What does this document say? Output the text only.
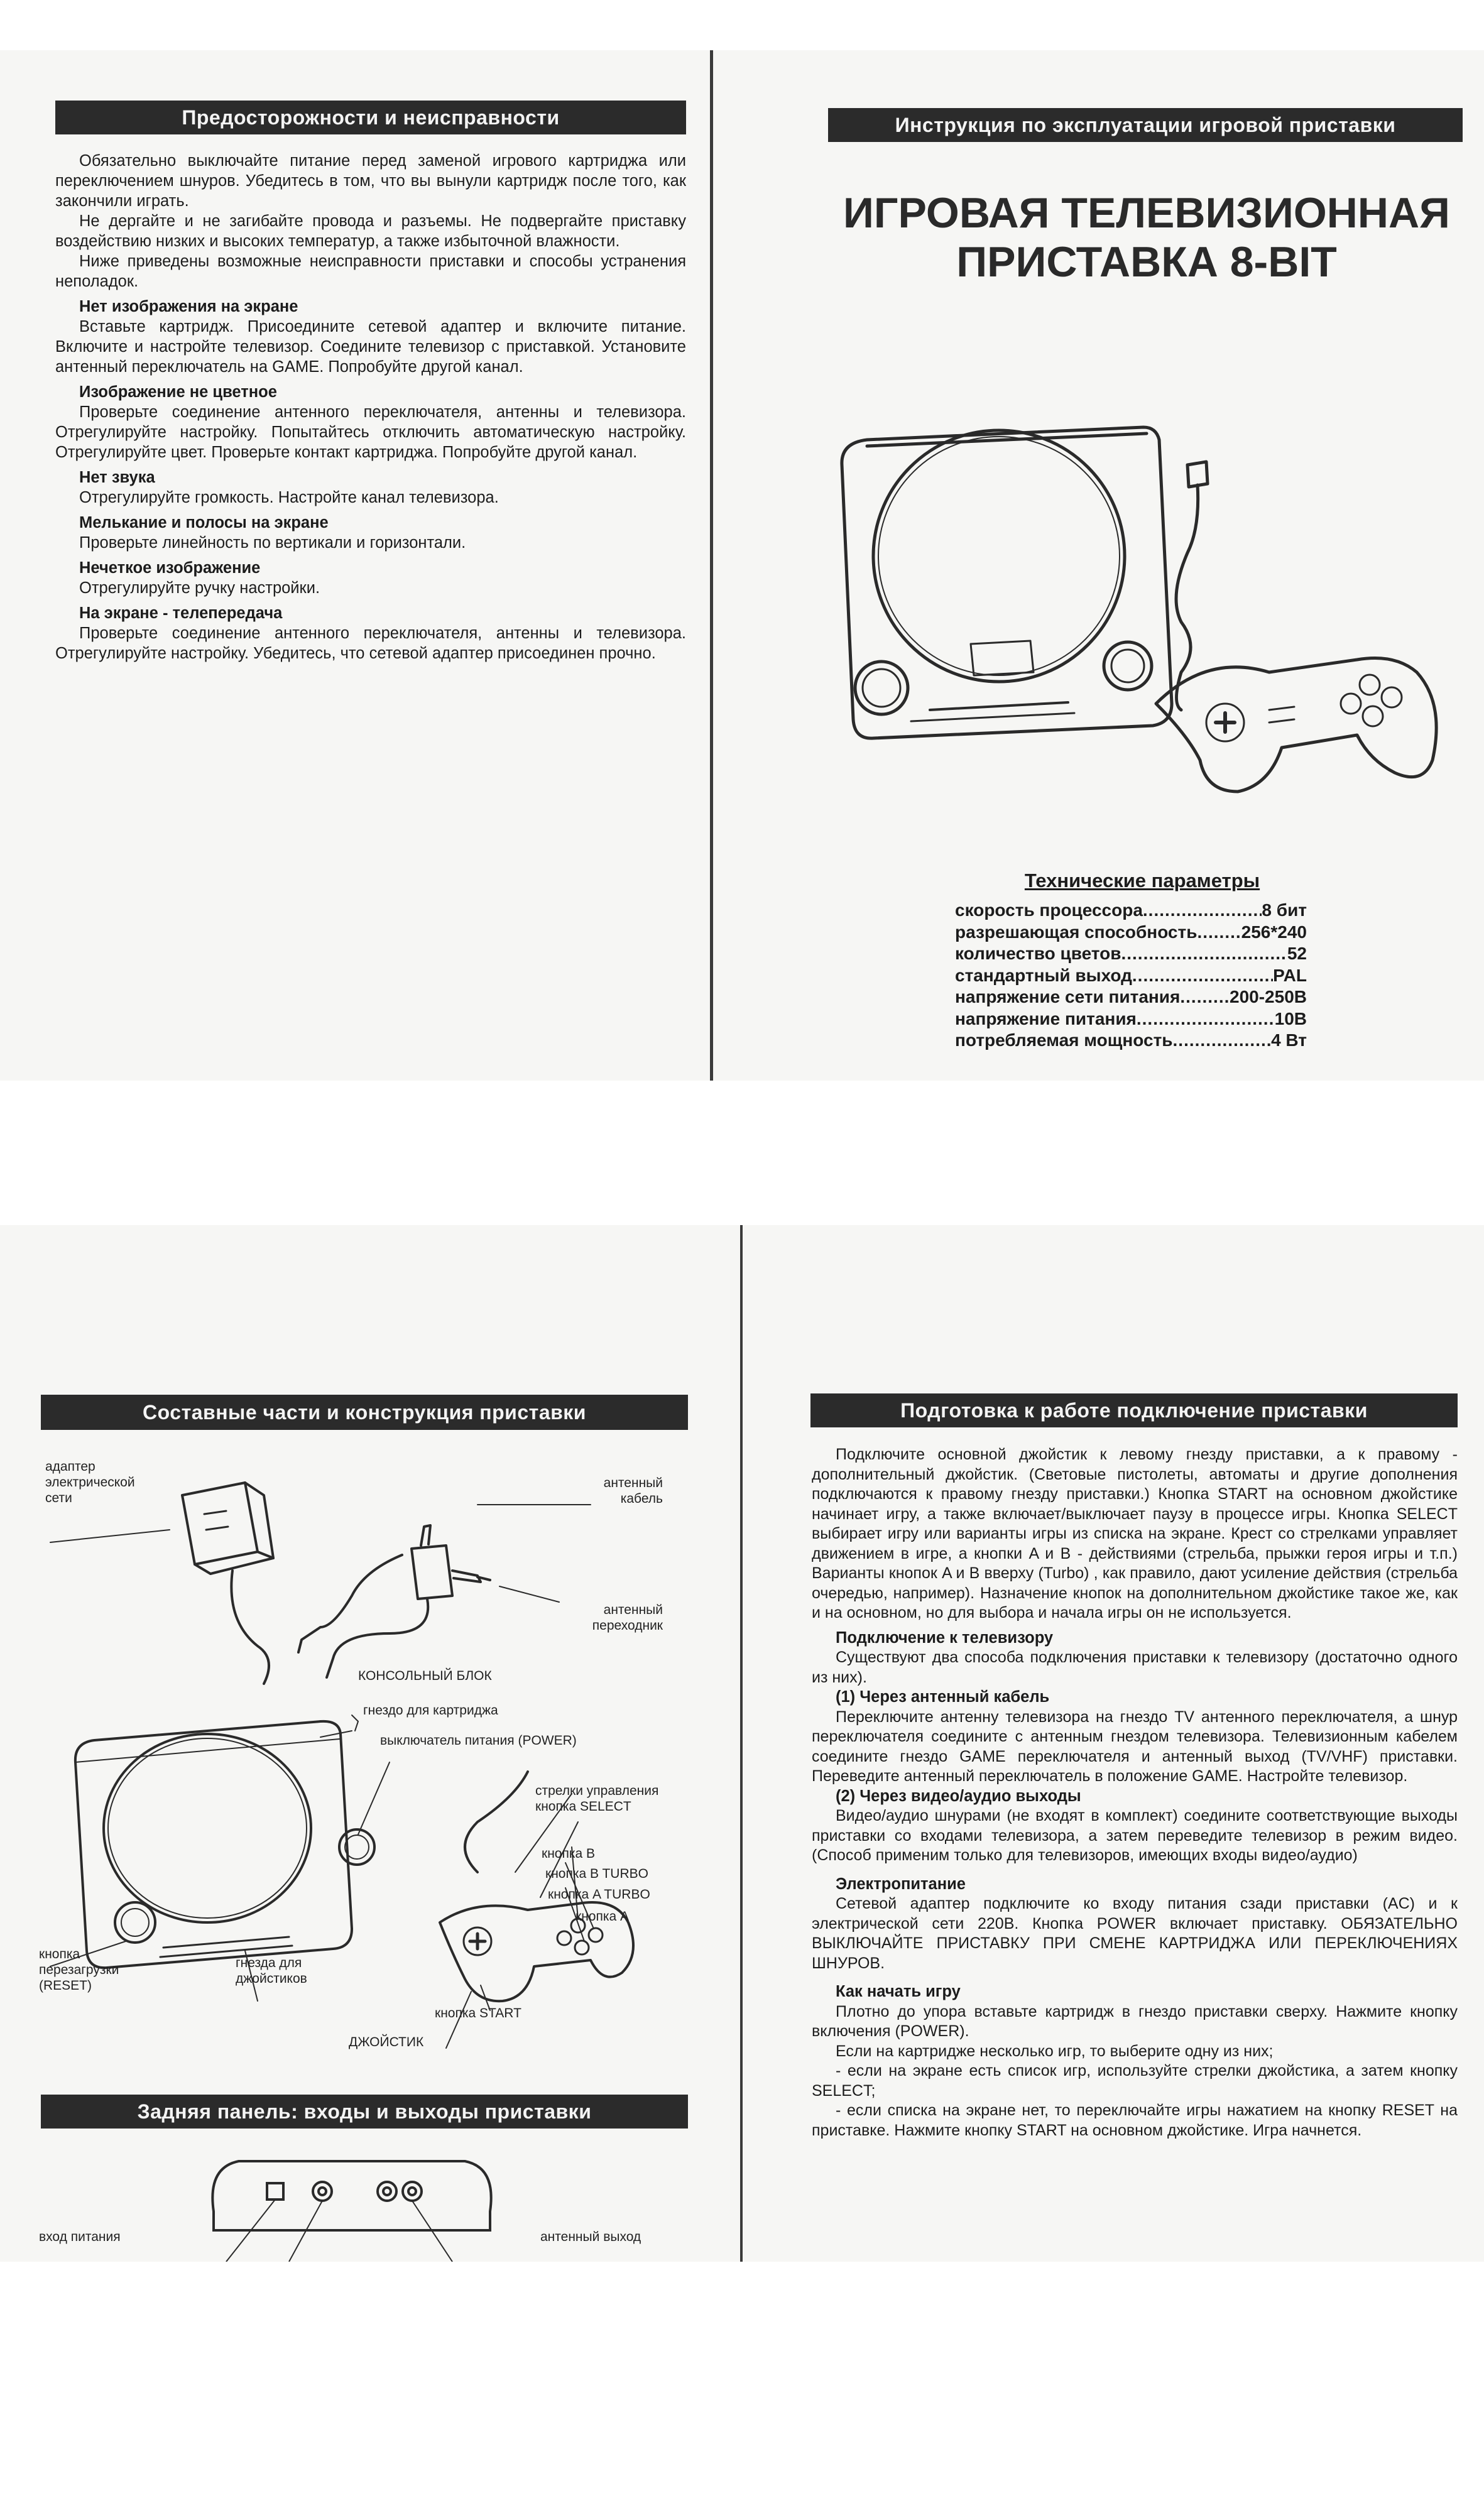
Предосторожности и неисправности

Обязательно выключайте питание перед заменой игрового картриджа или переключением шнуров. Убедитесь в том, что вы вынули картридж после того, как закончили играть.

Не дергайте и не загибайте провода и разъемы. Не подвергайте приставку воздействию низких и высоких температур, а также избыточной влажности.

Ниже приведены возможные неисправности приставки и способы устранения неполадок.

Нет изображения на экране

Вставьте картридж. Присоедините сетевой адаптер и включите питание. Включите и настройте телевизор. Соедините телевизор с приставкой. Установите антенный переключатель на GAME. Попробуйте другой канал.

Изображение не цветное

Проверьте соединение антенного переключателя, антенны и телевизора. Отрегулируйте настройку. Попытайтесь отключить автоматическую настройку. Отрегулируйте цвет. Проверьте контакт картриджа. Попробуйте другой канал.

Нет звука

Отрегулируйте громкость. Настройте канал телевизора.

Мелькание и полосы на экране

Проверьте линейность по вертикали и горизонтали.

Нечеткое изображение

Отрегулируйте ручку настройки.

На экране - телепередача

Проверьте соединение антенного переключателя, антенны и телевизора. Отрегулируйте настройку. Убедитесь, что сетевой адаптер присоединен прочно.

Инструкция по эксплуатации игровой приставки
ИГРОВАЯ ТЕЛЕВИЗИОННАЯ
ПРИСТАВКА 8-BIT
Технические параметры
скорость процессора .....	8 бит
разрешающая способность .....	256*240
количество цветов .....	52
стандартный выход .....	PAL
напряжение сети питания .....	200-250В
напряжение питания .....	10В
потребляемая мощность .....	4 Вт
Составные части и конструкция приставки
адаптер электрической сети
антенный кабель
антенный переходник
КОНСОЛЬНЫЙ БЛОК
гнездо для картриджа
выключатель питания (POWER)
стрелки управления кнопка SELECT
кнопка B
кнопка B TURBO
кнопка A TURBO
кнопка A
кнопка перезагрузки (RESET)
гнезда для джойстиков
кнопка START
ДЖОЙСТИК
Задняя панель: входы и выходы приставки
вход питания	антенный выход
Подготовка к работе подключение приставки

Подключите основной джойстик к левому гнезду приставки, а к правому - дополнительный джойстик. (Световые пистолеты, автоматы и другие дополнения подключаются к правому гнезду приставки.) Кнопка START на основном джойстике начинает игру, а также включает/выключает паузу в процессе игры. Кнопка SELECT выбирает игру или варианты игры из списка на экране. Крест со стрелками управляет движением в игре, а кнопки A и B - действиями (стрельба, прыжки героя игры и т.п.) Варианты кнопок A и B вверху (Turbo) , как правило, дают усиление действия (стрельба очередью, например). Назначение кнопок на дополнительном джойстике такое же, как и на основном, но для выбора и начала игры он не используется.

Подключение к телевизору

Существуют два способа подключения приставки к телевизору (достаточно одного из них).

(1) Через антенный кабель

Переключите антенну телевизора на гнездо TV антенного переключателя, а шнур переключателя соедините с антенным гнездом телевизора. Телевизионным кабелем соедините гнездо GAME переключателя и антенный выход (TV/VHF) приставки. Переведите антенный переключатель в положение GAME. Настройте телевизор.

(2) Через видео/аудио выходы

Видео/аудио шнурами (не входят в комплект) соедините соответствующие выходы приставки со входами телевизора, а затем переведите телевизор в режим видео. (Способ применим только для телевизоров, имеющих входы видео/аудио)

Электропитание

Сетевой адаптер подключите ко входу питания сзади приставки (AC) и к электрической сети 220В. Кнопка POWER включает приставку. ОБЯЗАТЕЛЬНО ВЫКЛЮЧАЙТЕ ПРИСТАВКУ ПРИ СМЕНЕ КАРТРИДЖА ИЛИ ПЕРЕКЛЮЧЕНИЯХ ШНУРОВ.

Как начать игру

Плотно до упора вставьте картридж в гнездо приставки сверху. Нажмите кнопку включения (POWER).

Если на картридже несколько игр, то выберите одну из них;

- если на экране есть список игр, используйте стрелки джойстика, а затем кнопку SELECT;

- если списка на экране нет, то переключайте игры нажатием на кнопку RESET на приставке. Нажмите кнопку START на основном джойстике. Игра начнется.
